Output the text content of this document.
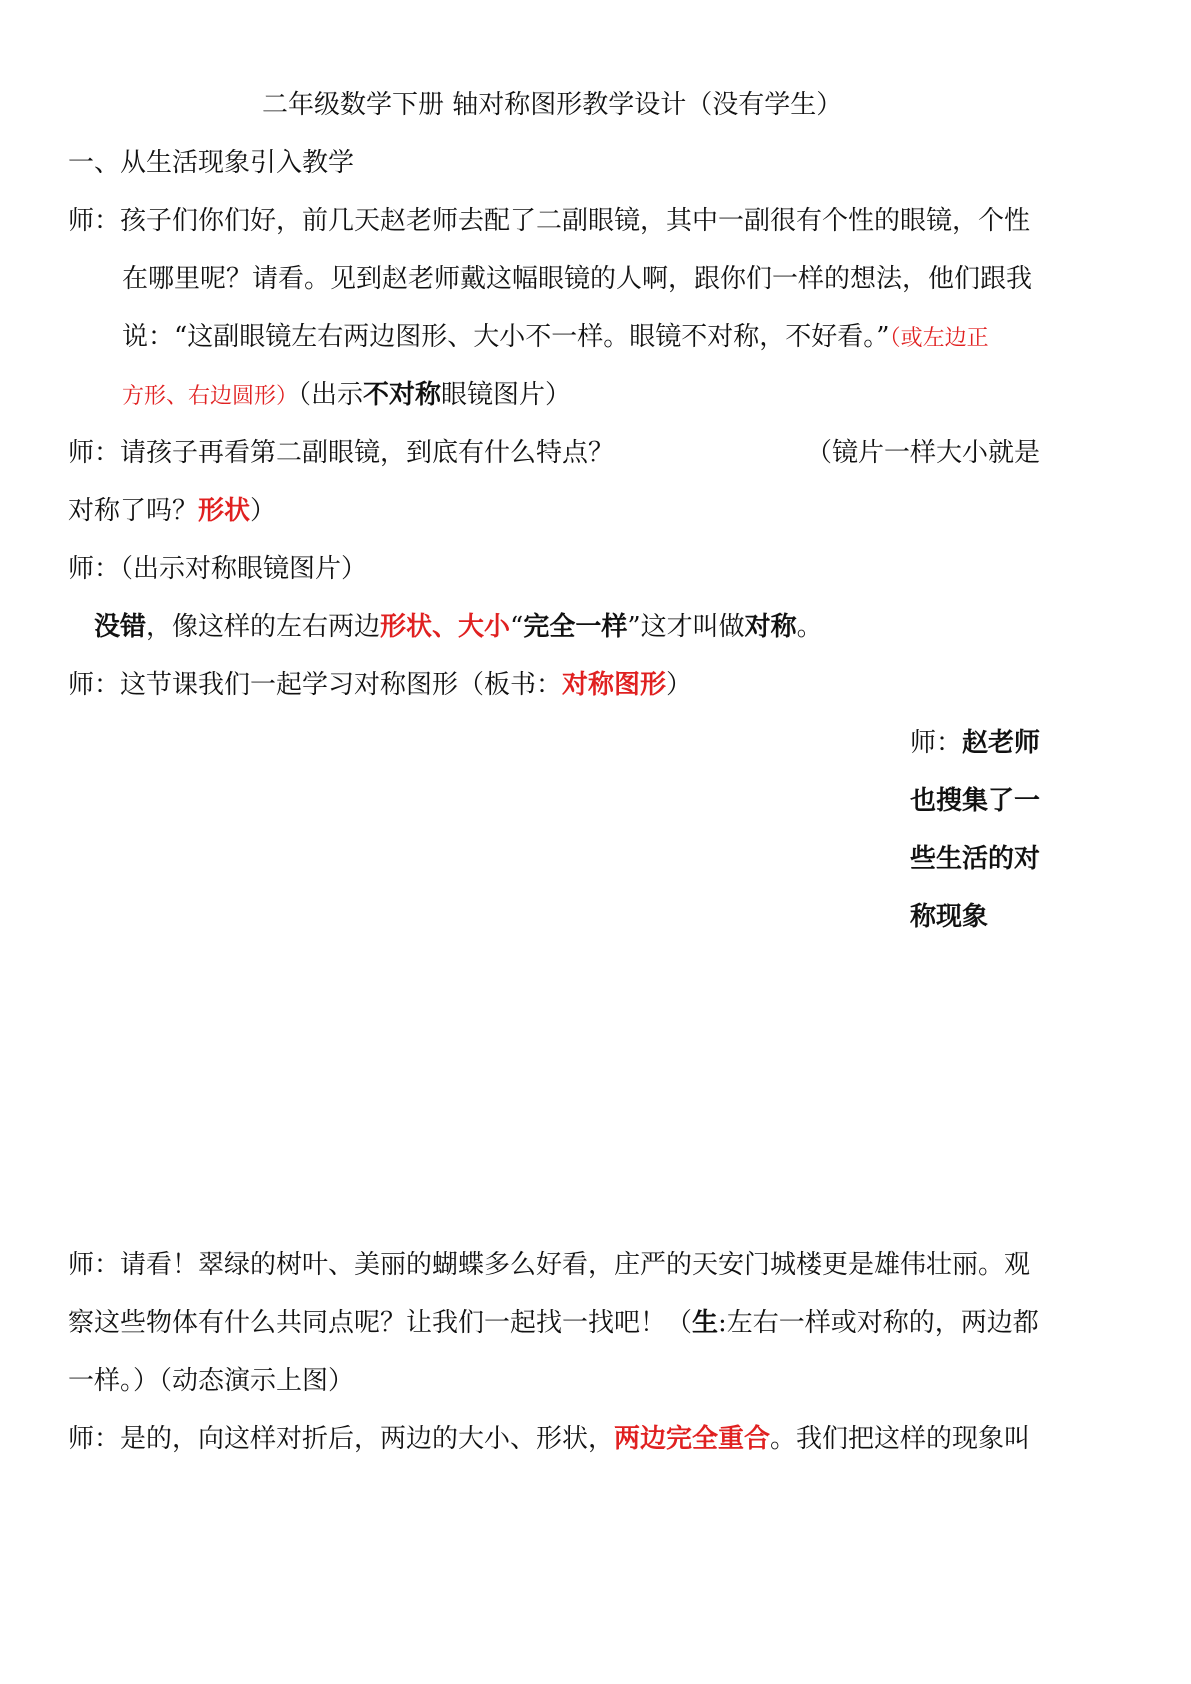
二年级数学下册 轴对称图形教学设计（没有学生）
一、从生活现象引入教学
师：孩子们你们好，前几天赵老师去配了二副眼镜，其中一副很有个性的眼镜，个性
在哪里呢？请看。见到赵老师戴这幅眼镜的人啊，跟你们一样的想法，他们跟我
说：“这副眼镜左右两边图形、大小不一样。眼镜不对称，不好看。”（或左边正
方形、右边圆形）（出示不对称眼镜图片）
师：请孩子再看第二副眼镜，到底有什么特点？	（镜片一样大小就是
对称了吗？形状）
师：（出示对称眼镜图片）
没错，像这样的左右两边形状、大小“完全一样”这才叫做对称。
师：这节课我们一起学习对称图形（板书：对称图形）
师：赵老师
也搜集了一
些生活的对
称现象
师：请看！翠绿的树叶、美丽的蝴蝶多么好看，庄严的天安门城楼更是雄伟壮丽。观
察这些物体有什么共同点呢？让我们一起找一找吧！（生:左右一样或对称的，两边都
一样。）（动态演示上图）
师：是的，向这样对折后，两边的大小、形状，两边完全重合。我们把这样的现象叫
